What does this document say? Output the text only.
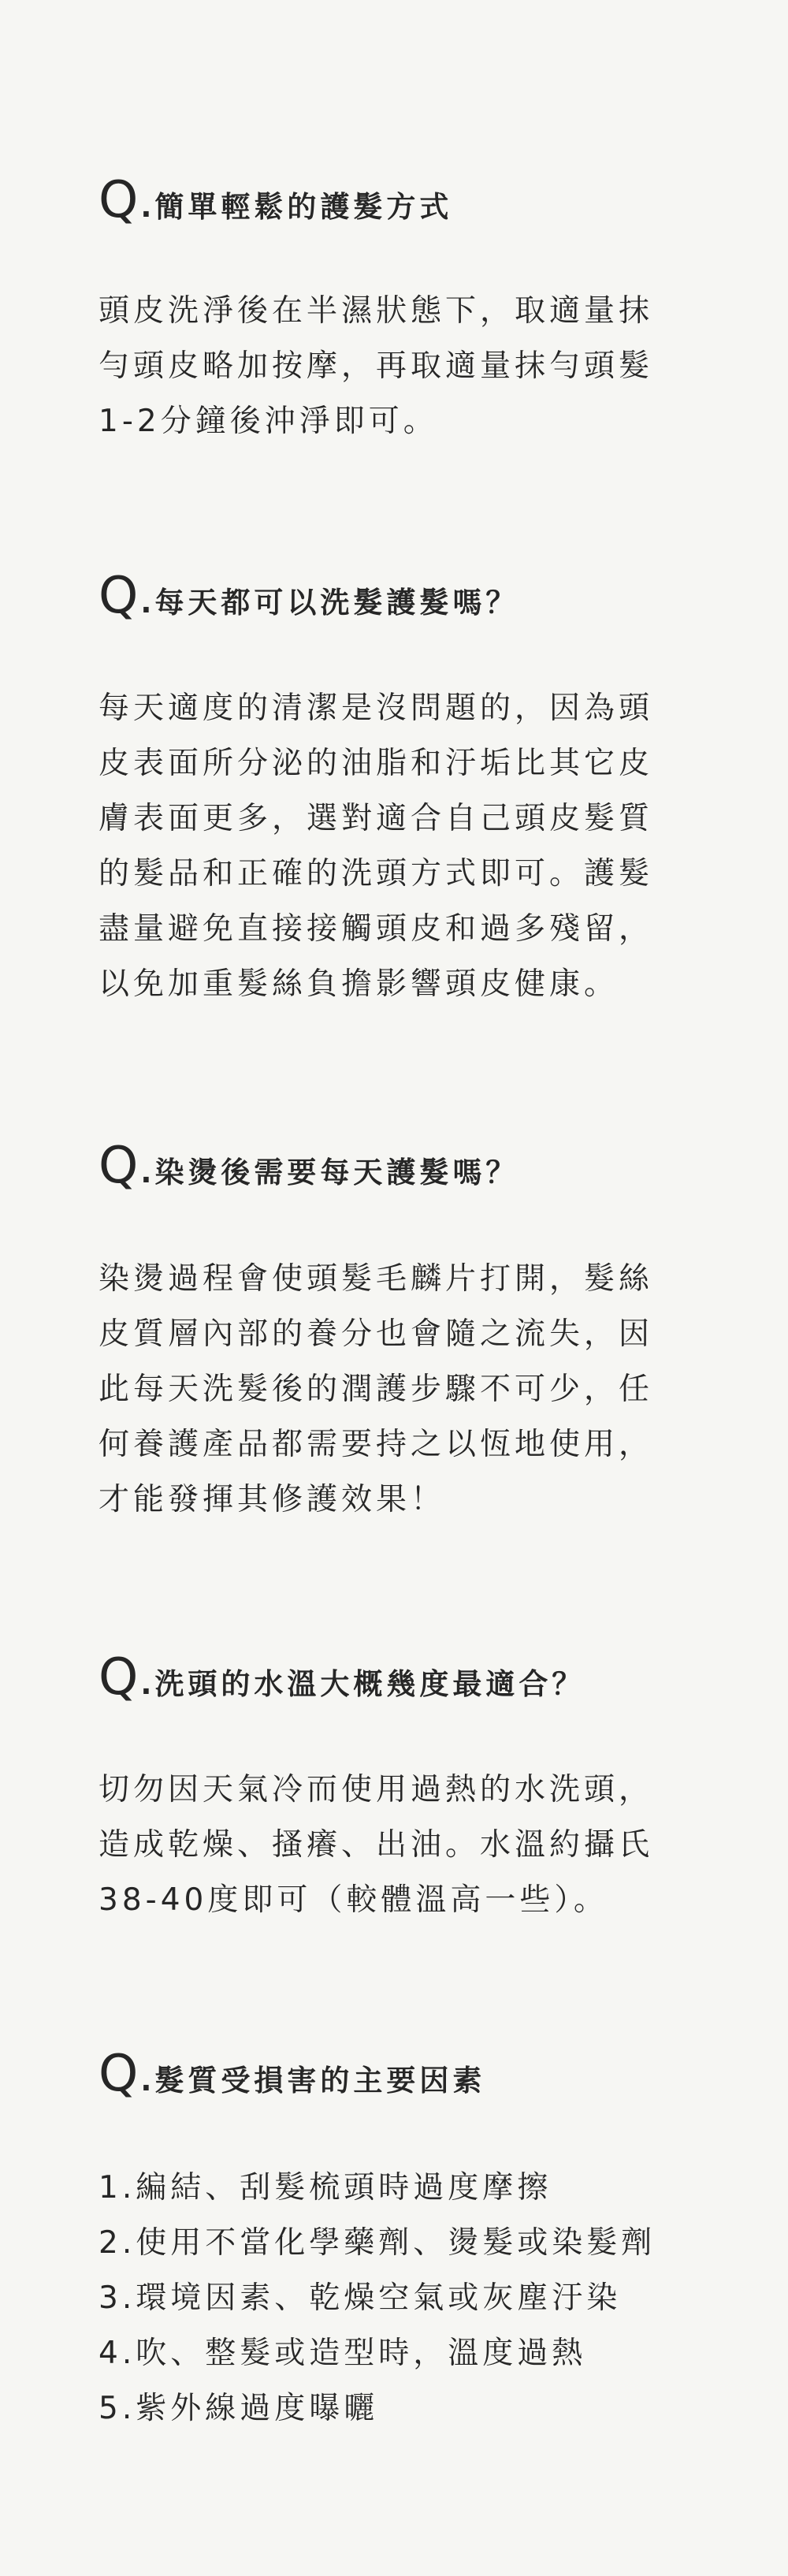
Q . 簡單輕鬆的護髮方式

頭皮洗淨後在半濕狀態下，取適量抹
勻頭皮略加按摩，再取適量抹勻頭髮
1-2分鐘後沖淨即可。

Q . 每天都可以洗髮護髮嗎？

每天適度的清潔是沒問題的，因為頭
皮表面所分泌的油脂和汙垢比其它皮
膚表面更多，選對適合自己頭皮髮質
的髮品和正確的洗頭方式即可。護髮
盡量避免直接接觸頭皮和過多殘留，
以免加重髮絲負擔影響頭皮健康。

Q . 染燙後需要每天護髮嗎？

染燙過程會使頭髮毛麟片打開，髮絲
皮質層內部的養分也會隨之流失，因
此每天洗髮後的潤護步驟不可少，任
何養護產品都需要持之以恆地使用，
才能發揮其修護效果！

Q . 洗頭的水溫大概幾度最適合？

切勿因天氣冷而使用過熱的水洗頭，
造成乾燥、搔癢、出油。水溫約攝氏
38-40度即可（較體溫高一些）。

Q . 髮質受損害的主要因素

1.編結、刮髮梳頭時過度摩擦
2.使用不當化學藥劑、燙髮或染髮劑
3.環境因素、乾燥空氣或灰塵汙染
4.吹、整髮或造型時，溫度過熱
5.紫外線過度曝曬
